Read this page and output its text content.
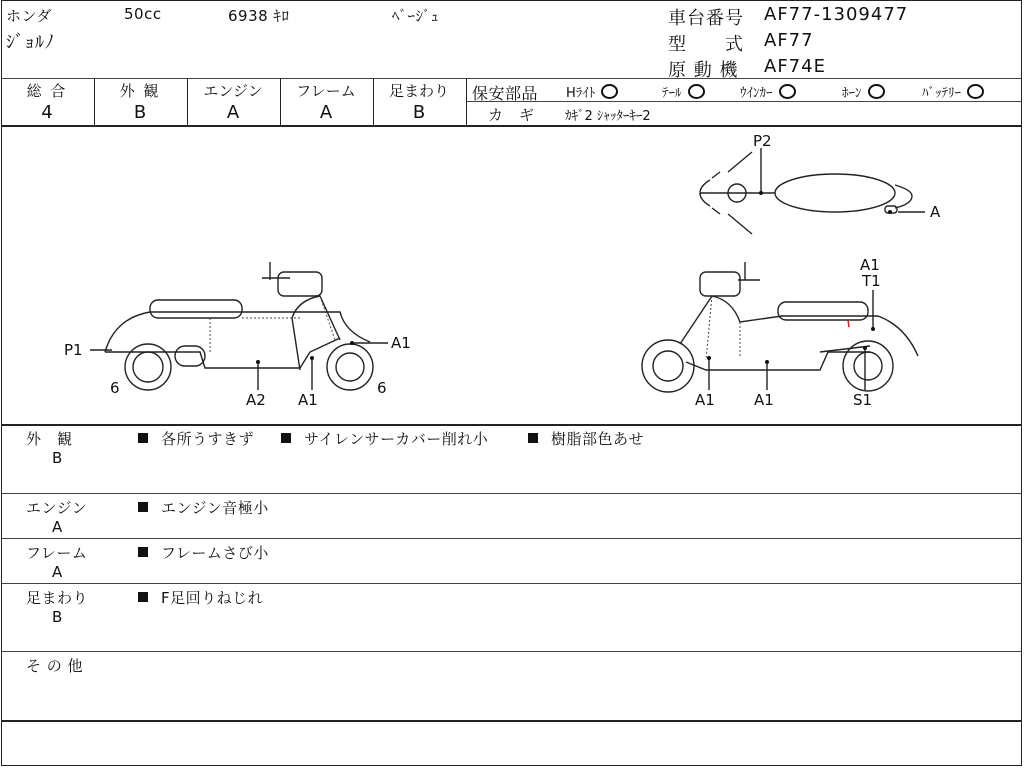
ホンダ	50cc	6938 ｷﾛ	ﾍﾞｰｼﾞｭ
ｼﾞｮﾙﾉ
車台番号 AF77-1309477
型　　式 AF77
原 動 機 AF74E
総 合
4
外 観
B
エンジン
A
フレーム
A
足まわり
B
保安部品 Hﾗｲﾄ	ﾃｰﾙ	ｳｲﾝｶｰ	ﾎｰﾝ	ﾊﾞｯﾃﾘｰ
カ　ギ ｶｷﾞ2 ｼｬｯﾀｰｷｰ2
P2
A
P1
6
A2 A1
A1
6
A1
T1
A1	A1	S1
外　観
B
各所うすきず	サイレンサーカバー削れ小	樹脂部色あせ
エンジン
A
エンジン音極小
フレーム
A
フレームさび小
足まわり
B
F足回りねじれ
そ の 他
